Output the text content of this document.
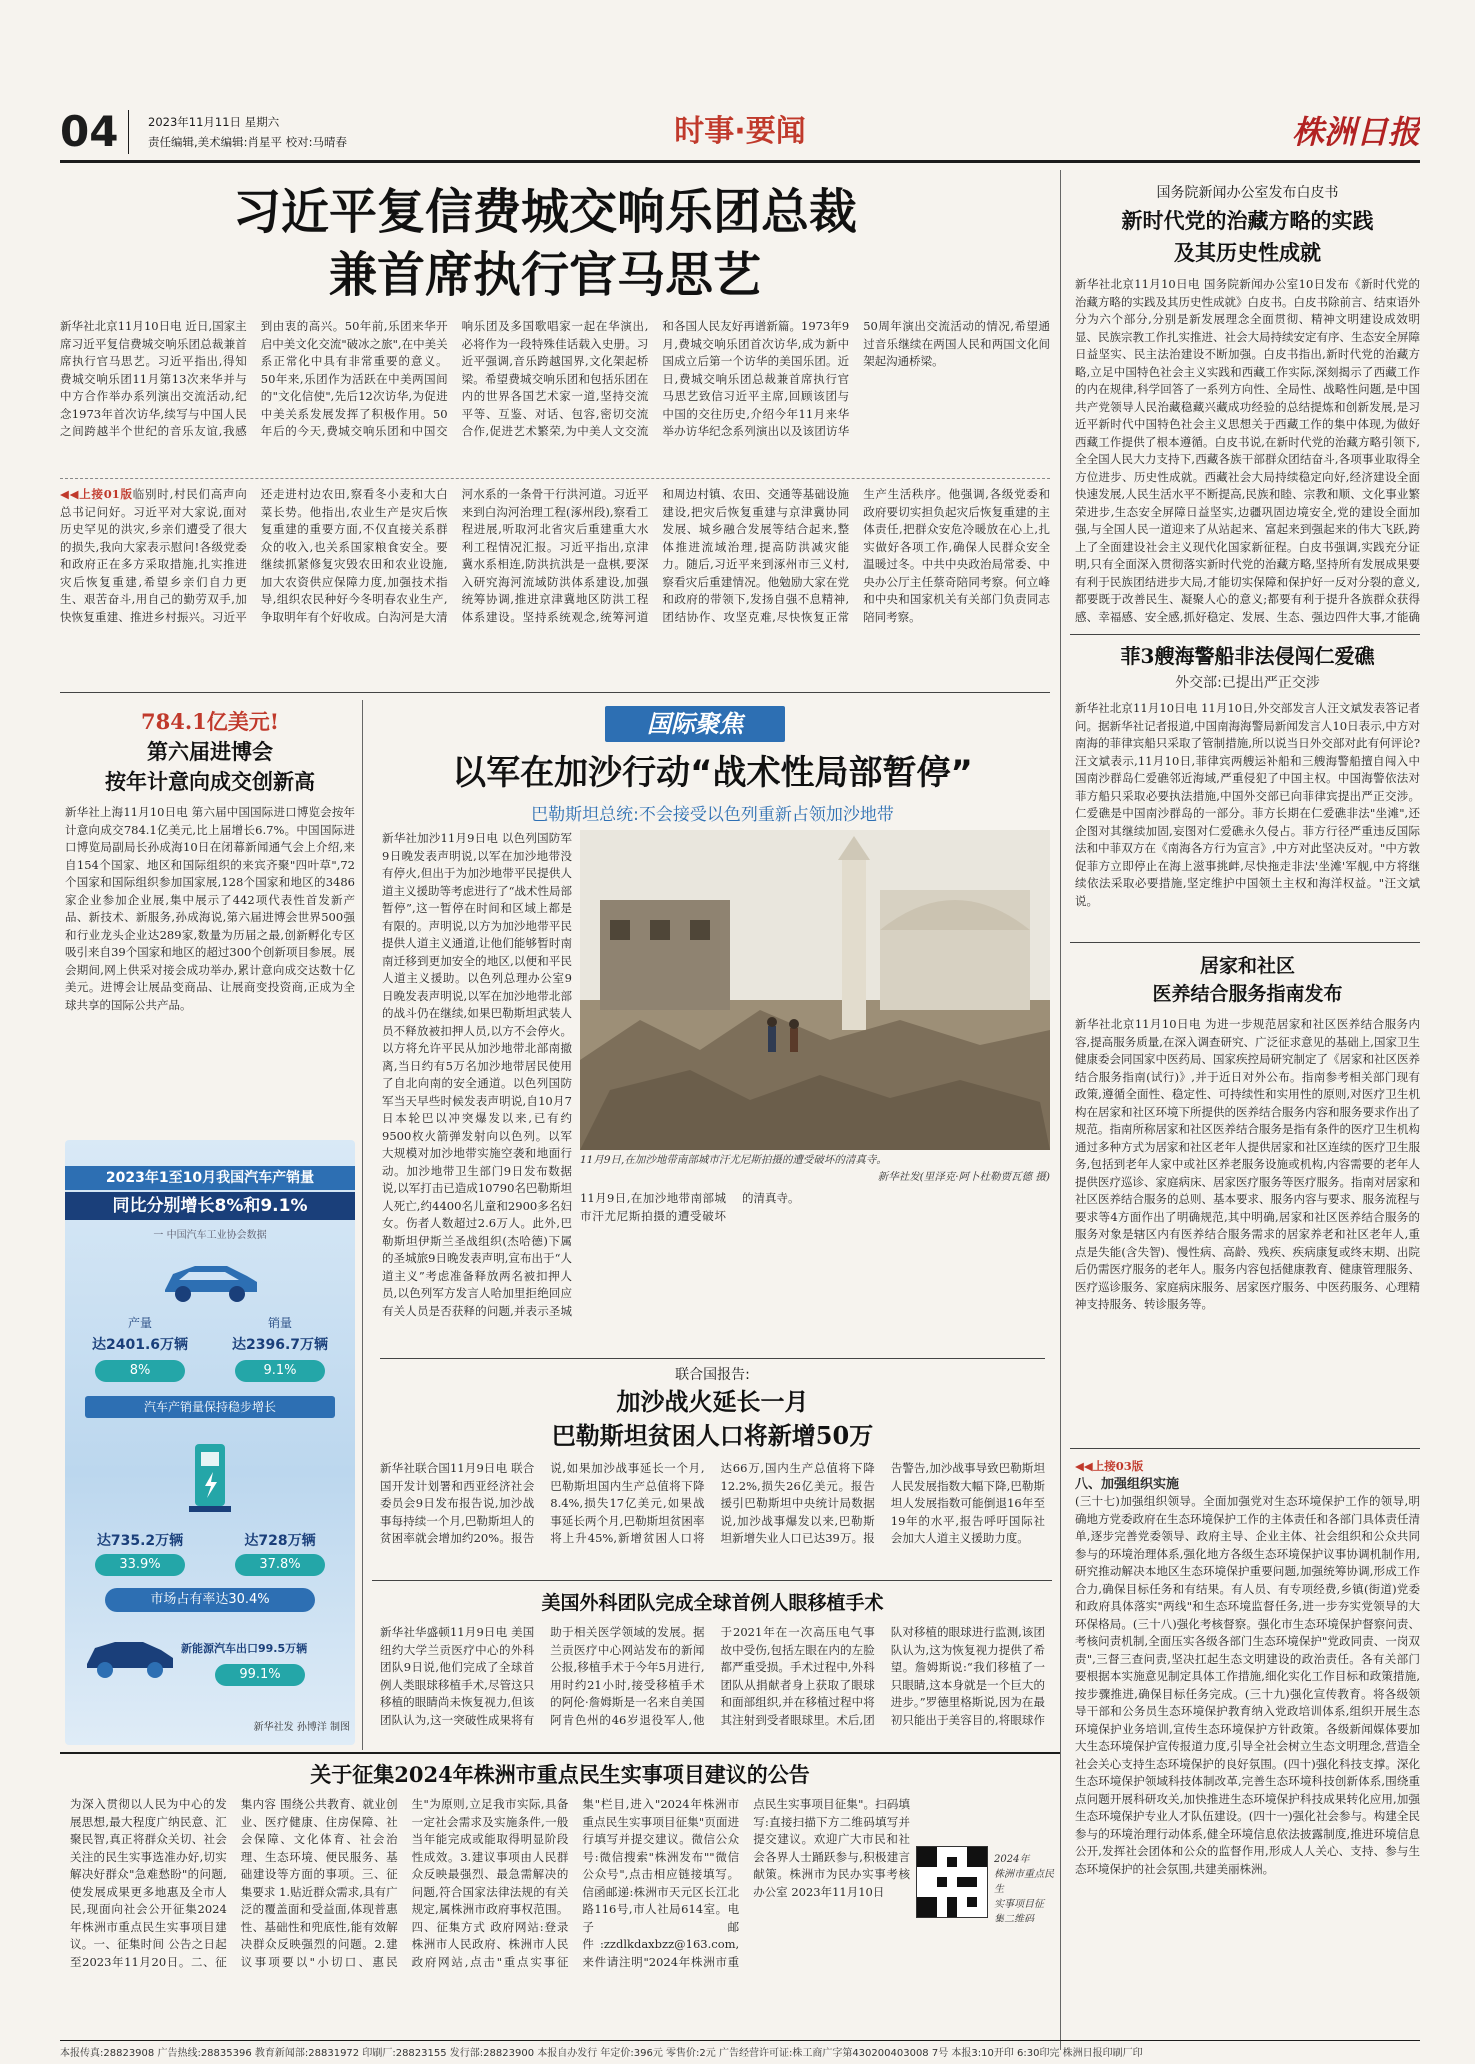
04	2023年11月11日 星期六
责任编辑,美术编辑:肖星平 校对:马晴春	时事·要闻	株洲日报
习近平复信费城交响乐团总裁
兼首席执行官马思艺
新华社北京11月10日电 近日,国家主席习近平复信费城交响乐团总裁兼首席执行官马思艺。习近平指出,得知费城交响乐团11月第13次来华并与中方合作举办系列演出交流活动,纪念1973年首次访华,续写与中国人民之间跨越半个世纪的音乐友谊,我感到由衷的高兴。50年前,乐团来华开启中美文化交流"破冰之旅",在中美关系正常化中具有非常重要的意义。50年来,乐团作为活跃在中美两国间的"文化信使",先后12次访华,为促进中美关系发展发挥了积极作用。50年后的今天,费城交响乐团和中国交响乐团及多国歌唱家一起在华演出,必将作为一段特殊佳话载入史册。习近平强调,音乐跨越国界,文化架起桥梁。希望费城交响乐团和包括乐团在内的世界各国艺术家一道,坚持交流平等、互鉴、对话、包容,密切交流合作,促进艺术繁荣,为中美人文交流和各国人民友好再谱新篇。1973年9月,费城交响乐团首次访华,成为新中国成立后第一个访华的美国乐团。近日,费城交响乐团总裁兼首席执行官马思艺致信习近平主席,回顾该团与中国的交往历史,介绍今年11月来华举办访华纪念系列演出以及该团访华50周年演出交流活动的情况,希望通过音乐继续在两国人民和两国文化间架起沟通桥梁。
◀◀上接01版临别时,村民们高声向总书记问好。习近平对大家说,面对历史罕见的洪灾,乡亲们遭受了很大的损失,我向大家表示慰问!各级党委和政府正在多方采取措施,扎实推进灾后恢复重建,希望乡亲们自力更生、艰苦奋斗,用自己的勤劳双手,加快恢复重建、推进乡村振兴。习近平还走进村边农田,察看冬小麦和大白菜长势。他指出,农业生产是灾后恢复重建的重要方面,不仅直接关系群众的收入,也关系国家粮食安全。要继续抓紧修复灾毁农田和农业设施,加大农资供应保障力度,加强技术指导,组织农民种好今冬明春农业生产,争取明年有个好收成。白沟河是大清河水系的一条骨干行洪河道。习近平来到白沟河治理工程(涿州段),察看工程进展,听取河北省灾后重建重大水利工程情况汇报。习近平指出,京津冀水系相连,防洪抗洪是一盘棋,要深入研究海河流域防洪体系建设,加强统筹协调,推进京津冀地区防洪工程体系建设。坚持系统观念,统筹河道和周边村镇、农田、交通等基础设施建设,把灾后恢复重建与京津冀协同发展、城乡融合发展等结合起来,整体推进流域治理,提高防洪减灾能力。随后,习近平来到涿州市三义村,察看灾后重建情况。他勉励大家在党和政府的带领下,发扬自强不息精神,团结协作、攻坚克难,尽快恢复正常生产生活秩序。他强调,各级党委和政府要切实担负起灾后恢复重建的主体责任,把群众安危冷暖放在心上,扎实做好各项工作,确保人民群众安全温暖过冬。中共中央政治局常委、中央办公厅主任蔡奇陪同考察。何立峰和中央和国家机关有关部门负责同志陪同考察。
国务院新闻办公室发布白皮书
新时代党的治藏方略的实践
及其历史性成就
新华社北京11月10日电 国务院新闻办公室10日发布《新时代党的治藏方略的实践及其历史性成就》白皮书。白皮书除前言、结束语外分为六个部分,分别是新发展理念全面贯彻、精神文明建设成效明显、民族宗教工作扎实推进、社会大局持续安定有序、生态安全屏障日益坚实、民主法治建设不断加强。白皮书指出,新时代党的治藏方略,立足中国特色社会主义实践和西藏工作实际,深刻揭示了西藏工作的内在规律,科学回答了一系列方向性、全局性、战略性问题,是中国共产党领导人民治藏稳藏兴藏成功经验的总结提炼和创新发展,是习近平新时代中国特色社会主义思想关于西藏工作的集中体现,为做好西藏工作提供了根本遵循。白皮书说,在新时代党的治藏方略引领下,全全国人民大力支持下,西藏各族干部群众团结奋斗,各项事业取得全方位进步、历史性成就。西藏社会大局持续稳定向好,经济建设全面快速发展,人民生活水平不断提高,民族和睦、宗教和顺、文化事业繁荣进步,生态安全屏障日益坚实,边疆巩固边境安全,党的建设全面加强,与全国人民一道迎来了从站起来、富起来到强起来的伟大飞跃,跨上了全面建设社会主义现代化国家新征程。白皮书强调,实践充分证明,只有全面深入贯彻落实新时代党的治藏方略,坚持所有发展成果要有利于民族团结进步大局,才能切实保障和保护好一反对分裂的意义,都要既于改善民生、凝聚人心的意义;都要有利于提升各族群众获得感、幸福感、安全感,抓好稳定、发展、生态、强边四件大事,才能确
菲3艘海警船非法侵闯仁爱礁
外交部:已提出严正交涉
新华社北京11月10日电 11月10日,外交部发言人汪文斌发表答记者问。据新华社记者报道,中国南海海警局新闻发言人10日表示,中方对南海的菲律宾船只采取了管制措施,所以说当日外交部对此有何评论?汪文斌表示,11月10日,菲律宾两艘运补船和三艘海警船擅自闯入中国南沙群岛仁爱礁邻近海域,严重侵犯了中国主权。中国海警依法对菲方船只采取必要执法措施,中国外交部已向菲律宾提出严正交涉。仁爱礁是中国南沙群岛的一部分。菲方长期在仁爱礁非法"坐滩",还企图对其继续加固,妄图对仁爱礁永久侵占。菲方行径严重违反国际法和中菲双方在《南海各方行为宣言》,中方对此坚决反对。"中方敦促菲方立即停止在海上滋事挑衅,尽快拖走非法'坐滩'军舰,中方将继续依法采取必要措施,坚定维护中国领土主权和海洋权益。"汪文斌说。
居家和社区
医养结合服务指南发布
新华社北京11月10日电 为进一步规范居家和社区医养结合服务内容,提高服务质量,在深入调查研究、广泛征求意见的基础上,国家卫生健康委会同国家中医药局、国家疾控局研究制定了《居家和社区医养结合服务指南(试行)》,并于近日对外公布。指南参考相关部门现有政策,遵循全面性、稳定性、可持续性和实用性的原则,对医疗卫生机构在居家和社区环境下所提供的医养结合服务内容和服务要求作出了规范。指南所称居家和社区医养结合服务是指有条件的医疗卫生机构通过多种方式为居家和社区老年人提供居家和社区连续的医疗卫生服务,包括到老年人家中或社区养老服务设施或机构,内容需要的老年人提供医疗巡诊、家庭病床、居家医疗服务等医疗服务。指南对居家和社区医养结合服务的总则、基本要求、服务内容与要求、服务流程与要求等4方面作出了明确规范,其中明确,居家和社区医养结合服务的服务对象是辖区内有医养结合服务需求的居家养老和社区老年人,重点是失能(含失智)、慢性病、高龄、残疾、疾病康复或终末期、出院后仍需医疗服务的老年人。服务内容包括健康教育、健康管理服务、医疗巡诊服务、家庭病床服务、居家医疗服务、中医药服务、心理精神支持服务、转诊服务等。
◀◀上接03版
八、加强组织实施
(三十七)加强组织领导。全面加强党对生态环境保护工作的领导,明确地方党委政府在生态环境保护工作的主体责任和各部门具体责任清单,逐步完善党委领导、政府主导、企业主体、社会组织和公众共同参与的环境治理体系,强化地方各级生态环境保护议事协调机制作用,研究推动解决本地区生态环境保护重要问题,加强统筹协调,形成工作合力,确保目标任务和有结果。有人员、有专项经费,乡镇(街道)党委和政府具体落实"两线"和生态环境监督任务,进一步夯实党领导的大环保格局。(三十八)强化考核督察。强化市生态环境保护督察问责、考核问责机制,全面压实各级各部门生态环境保护"党政同责、一岗双责",三督三查问责,坚决扛起生态文明建设的政治责任。各有关部门要根据本实施意见制定具体工作措施,细化实化工作目标和政策措施,按步骤推进,确保目标任务完成。(三十九)强化宣传教育。将各级领导干部和公务员生态环境保护教育纳入党政培训体系,组织开展生态环境保护业务培训,宣传生态环境保护方针政策。各级新闻媒体要加大生态环境保护宣传报道力度,引导全社会树立生态文明理念,营造全社会关心支持生态环境保护的良好氛围。(四十)强化科技支撑。深化生态环境保护领域科技体制改革,完善生态环境科技创新体系,围绕重点问题开展科研攻关,加快推进生态环境保护科技成果转化应用,加强生态环境保护专业人才队伍建设。(四十一)强化社会参与。构建全民参与的环境治理行动体系,健全环境信息依法披露制度,推进环境信息公开,发挥社会团体和公众的监督作用,形成人人关心、支持、参与生态环境保护的社会氛围,共建美丽株洲。
784.1亿美元!
第六届进博会
按年计意向成交创新高
新华社上海11月10日电 第六届中国国际进口博览会按年计意向成交784.1亿美元,比上届增长6.7%。中国国际进口博览局副局长孙成海10日在闭幕新闻通气会上介绍,来自154个国家、地区和国际组织的来宾齐聚"四叶草",72个国家和国际组织参加国家展,128个国家和地区的3486家企业参加企业展,集中展示了442项代表性首发新产品、新技术、新服务,孙成海说,第六届进博会世界500强和行业龙头企业达289家,数量为历届之最,创新孵化专区吸引来自39个国家和地区的超过300个创新项目参展。展会期间,网上供采对接会成功举办,累计意向成交达数十亿美元。进博会让展品变商品、让展商变投资商,正成为全球共享的国际公共产品。
2023年1至10月我国汽车产销量
同比分别增长8%和9.1%
一 中国汽车工业协会数据
产量
达2401.6万辆
8%
销量
达2396.7万辆
9.1%
汽车产销量保持稳步增长
达735.2万辆
33.9%
达728万辆
37.8%
市场占有率达30.4%
新能源汽车出口99.5万辆
99.1%
新华社发 孙博洋 制图
国际聚焦
以军在加沙行动“战术性局部暂停”
巴勒斯坦总统:不会接受以色列重新占领加沙地带
11月9日,在加沙地带南部城市汗尤尼斯拍摄的遭受破坏的清真寺。
新华社发(里泽克·阿卜杜勒贾瓦德 摄)
新华社加沙11月9日电 以色列国防军9日晚发表声明说,以军在加沙地带没有停火,但出于为加沙地带平民提供人道主义援助等考虑进行了“战术性局部暂停”,这一暂停在时间和区域上都是有限的。声明说,以方为加沙地带平民提供人道主义通道,让他们能够暂时南南迁移到更加安全的地区,以便和平民人道主义援助。以色列总理办公室9日晚发表声明说,以军在加沙地带北部的战斗仍在继续,如果巴勒斯坦武装人员不释放被扣押人员,以方不会停火。以方将允许平民从加沙地带北部南撤离,当日约有5万名加沙地带居民使用了自北向南的安全通道。以色列国防军当天早些时候发表声明说,自10月7日本轮巴以冲突爆发以来,已有约9500枚火箭弹发射向以色列。以军大规模对加沙地带实施空袭和地面行动。加沙地带卫生部门9日发布数据说,以军打击已造成10790名巴勒斯坦人死亡,约4400名儿童和2900多名妇女。伤者人数超过2.6万人。此外,巴勒斯坦伊斯兰圣战组织(杰哈德)下属的圣城旅9日晚发表声明,宣布出于“人道主义”考虑准备释放两名被扣押人员,以色列军方发言人哈加里拒绝回应有关人员是否获释的问题,并表示圣城
11月9日,在加沙地带南部城市汗尤尼斯拍摄的遭受破坏的清真寺。
联合国报告:
加沙战火延长一月
巴勒斯坦贫困人口将新增50万
新华社联合国11月9日电 联合国开发计划署和西亚经济社会委员会9日发布报告说,加沙战事每持续一个月,巴勒斯坦人的贫困率就会增加约20%。报告说,如果加沙战事延长一个月,巴勒斯坦国内生产总值将下降8.4%,损失17亿美元,如果战事延长两个月,巴勒斯坦贫困率将上升45%,新增贫困人口将达66万,国内生产总值将下降12.2%,损失26亿美元。报告援引巴勒斯坦中央统计局数据说,加沙战事爆发以来,巴勒斯坦新增失业人口已达39万。报告警告,加沙战事导致巴勒斯坦人民发展指数大幅下降,巴勒斯坦人发展指数可能倒退16年至19年的水平,报告呼吁国际社会加大人道主义援助力度。
美国外科团队完成全球首例人眼移植手术
新华社华盛顿11月9日电 美国纽约大学兰贡医疗中心的外科团队9日说,他们完成了全球首例人类眼球移植手术,尽管这只移植的眼睛尚未恢复视力,但该团队认为,这一突破性成果将有助于相关医学领域的发展。据兰贡医疗中心网站发布的新闻公报,移植手术于今年5月进行,用时约21小时,接受移植手术的阿伦·詹姆斯是一名来自美国阿肯色州的46岁退役军人,他于2021年在一次高压电气事故中受伤,包括左眼在内的左脸都严重受损。手术过程中,外科团队从捐献者身上获取了眼球和面部组织,并在移植过程中将其注射到受者眼球里。术后,团队对移植的眼球进行监测,该团队认为,这为恢复视力提供了希望。詹姆斯说:“我们移植了一只眼睛,这本身就是一个巨大的进步。”罗德里格斯说,因为在最初只能出于美容目的,将眼球作
关于征集2024年株洲市重点民生实事项目建议的公告
为深入贯彻以人民为中心的发展思想,最大程度广纳民意、汇聚民智,真正将群众关切、社会关注的民生实事选准办好,切实解决好群众"急难愁盼"的问题,使发展成果更多地惠及全市人民,现面向社会公开征集2024年株洲市重点民生实事项目建议。一、征集时间 公告之日起至2023年11月20日。二、征集内容 围绕公共教育、就业创业、医疗健康、住房保障、社会保障、文化体育、社会治理、生态环境、便民服务、基础建设等方面的事项。三、征集要求 1.贴近群众需求,具有广泛的覆盖面和受益面,体现普惠性、基础性和兜底性,能有效解决群众反映强烈的问题。2.建议事项要以"小切口、惠民生"为原则,立足我市实际,具备一定社会需求及实施条件,一般当年能完成或能取得明显阶段性成效。3.建议事项由人民群众反映最强烈、最急需解决的问题,符合国家法律法规的有关规定,属株洲市政府事权范围。四、征集方式 政府网站:登录株洲市人民政府、株洲市人民政府网站,点击"重点实事征集"栏目,进入"2024年株洲市重点民生实事项目征集"页面进行填写并提交建议。微信公众号:微信搜索"株洲发布""微信公众号",点击相应链接填写。信函邮递:株洲市天元区长江北路116号,市人社局614室。电子邮件:zzdlkdaxbzz@163.com,来件请注明"2024年株洲市重点民生实事项目征集"。扫码填写:直接扫描下方二维码填写并提交建议。欢迎广大市民和社会各界人士踊跃参与,积极建言献策。株洲市为民办实事考核办公室 2023年11月10日
2024年
株洲市重点民生
实事项目征
集二维码
本报传真:28823908 广告热线:28835396 教育新闻部:28831972 印刷厂:28823155 发行部:28823900 本报自办发行 年定价:396元 零售价:2元 广告经营许可证:株工商广字第430200403008 7号 本报3:10开印 6:30印完 株洲日报印刷厂印
